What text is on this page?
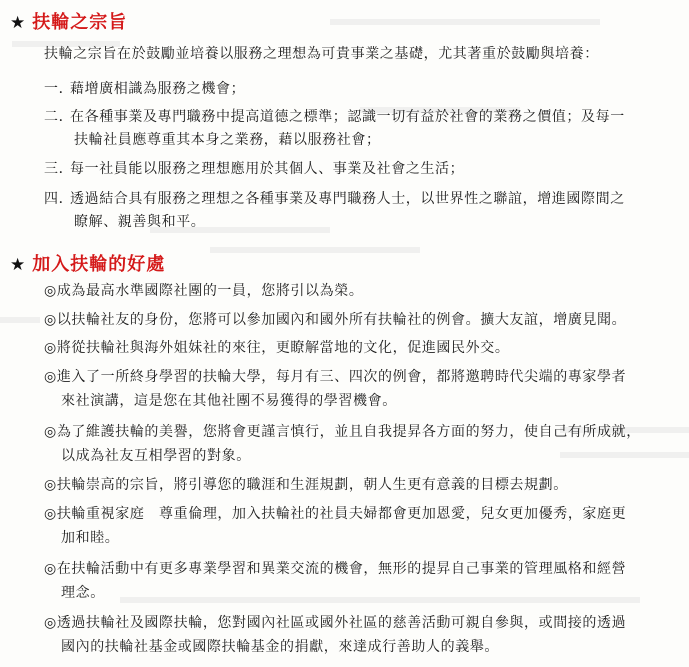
★ 扶輪之宗旨
扶輪之宗旨在於鼓勵並培養以服務之理想為可貴事業之基礎，尤其著重於鼓勵與培養：
一．藉增廣相識為服務之機會；
二．在各種事業及專門職務中提高道德之標準；認識一切有益於社會的業務之價值；及每一
扶輪社員應尊重其本身之業務，藉以服務社會；
三．每一社員能以服務之理想應用於其個人、事業及社會之生活；
四．透過結合具有服務之理想之各種事業及專門職務人士，以世界性之聯誼，增進國際間之
瞭解、親善與和平。
★ 加入扶輪的好處
◎成為最高水準國際社團的一員，您將引以為榮。
◎以扶輪社友的身份，您將可以參加國內和國外所有扶輪社的例會。擴大友誼，增廣見聞。
◎將從扶輪社與海外姐妹社的來往，更瞭解當地的文化，促進國民外交。
◎進入了一所終身學習的扶輪大學，每月有三、四次的例會，都將邀聘時代尖端的專家學者
來社演講，這是您在其他社團不易獲得的學習機會。
◎為了維護扶輪的美譽，您將會更謹言慎行，並且自我提昇各方面的努力，使自己有所成就，
以成為社友互相學習的對象。
◎扶輪崇高的宗旨，將引導您的職涯和生涯規劃，朝人生更有意義的目標去規劃。
◎扶輪重視家庭　尊重倫理，加入扶輪社的社員夫婦都會更加恩愛，兒女更加優秀，家庭更
加和睦。
◎在扶輪活動中有更多專業學習和異業交流的機會，無形的提昇自己事業的管理風格和經營
理念。
◎透過扶輪社及國際扶輪，您對國內社區或國外社區的慈善活動可親自參與，或間接的透過
國內的扶輪社基金或國際扶輪基金的捐獻，來達成行善助人的義舉。
